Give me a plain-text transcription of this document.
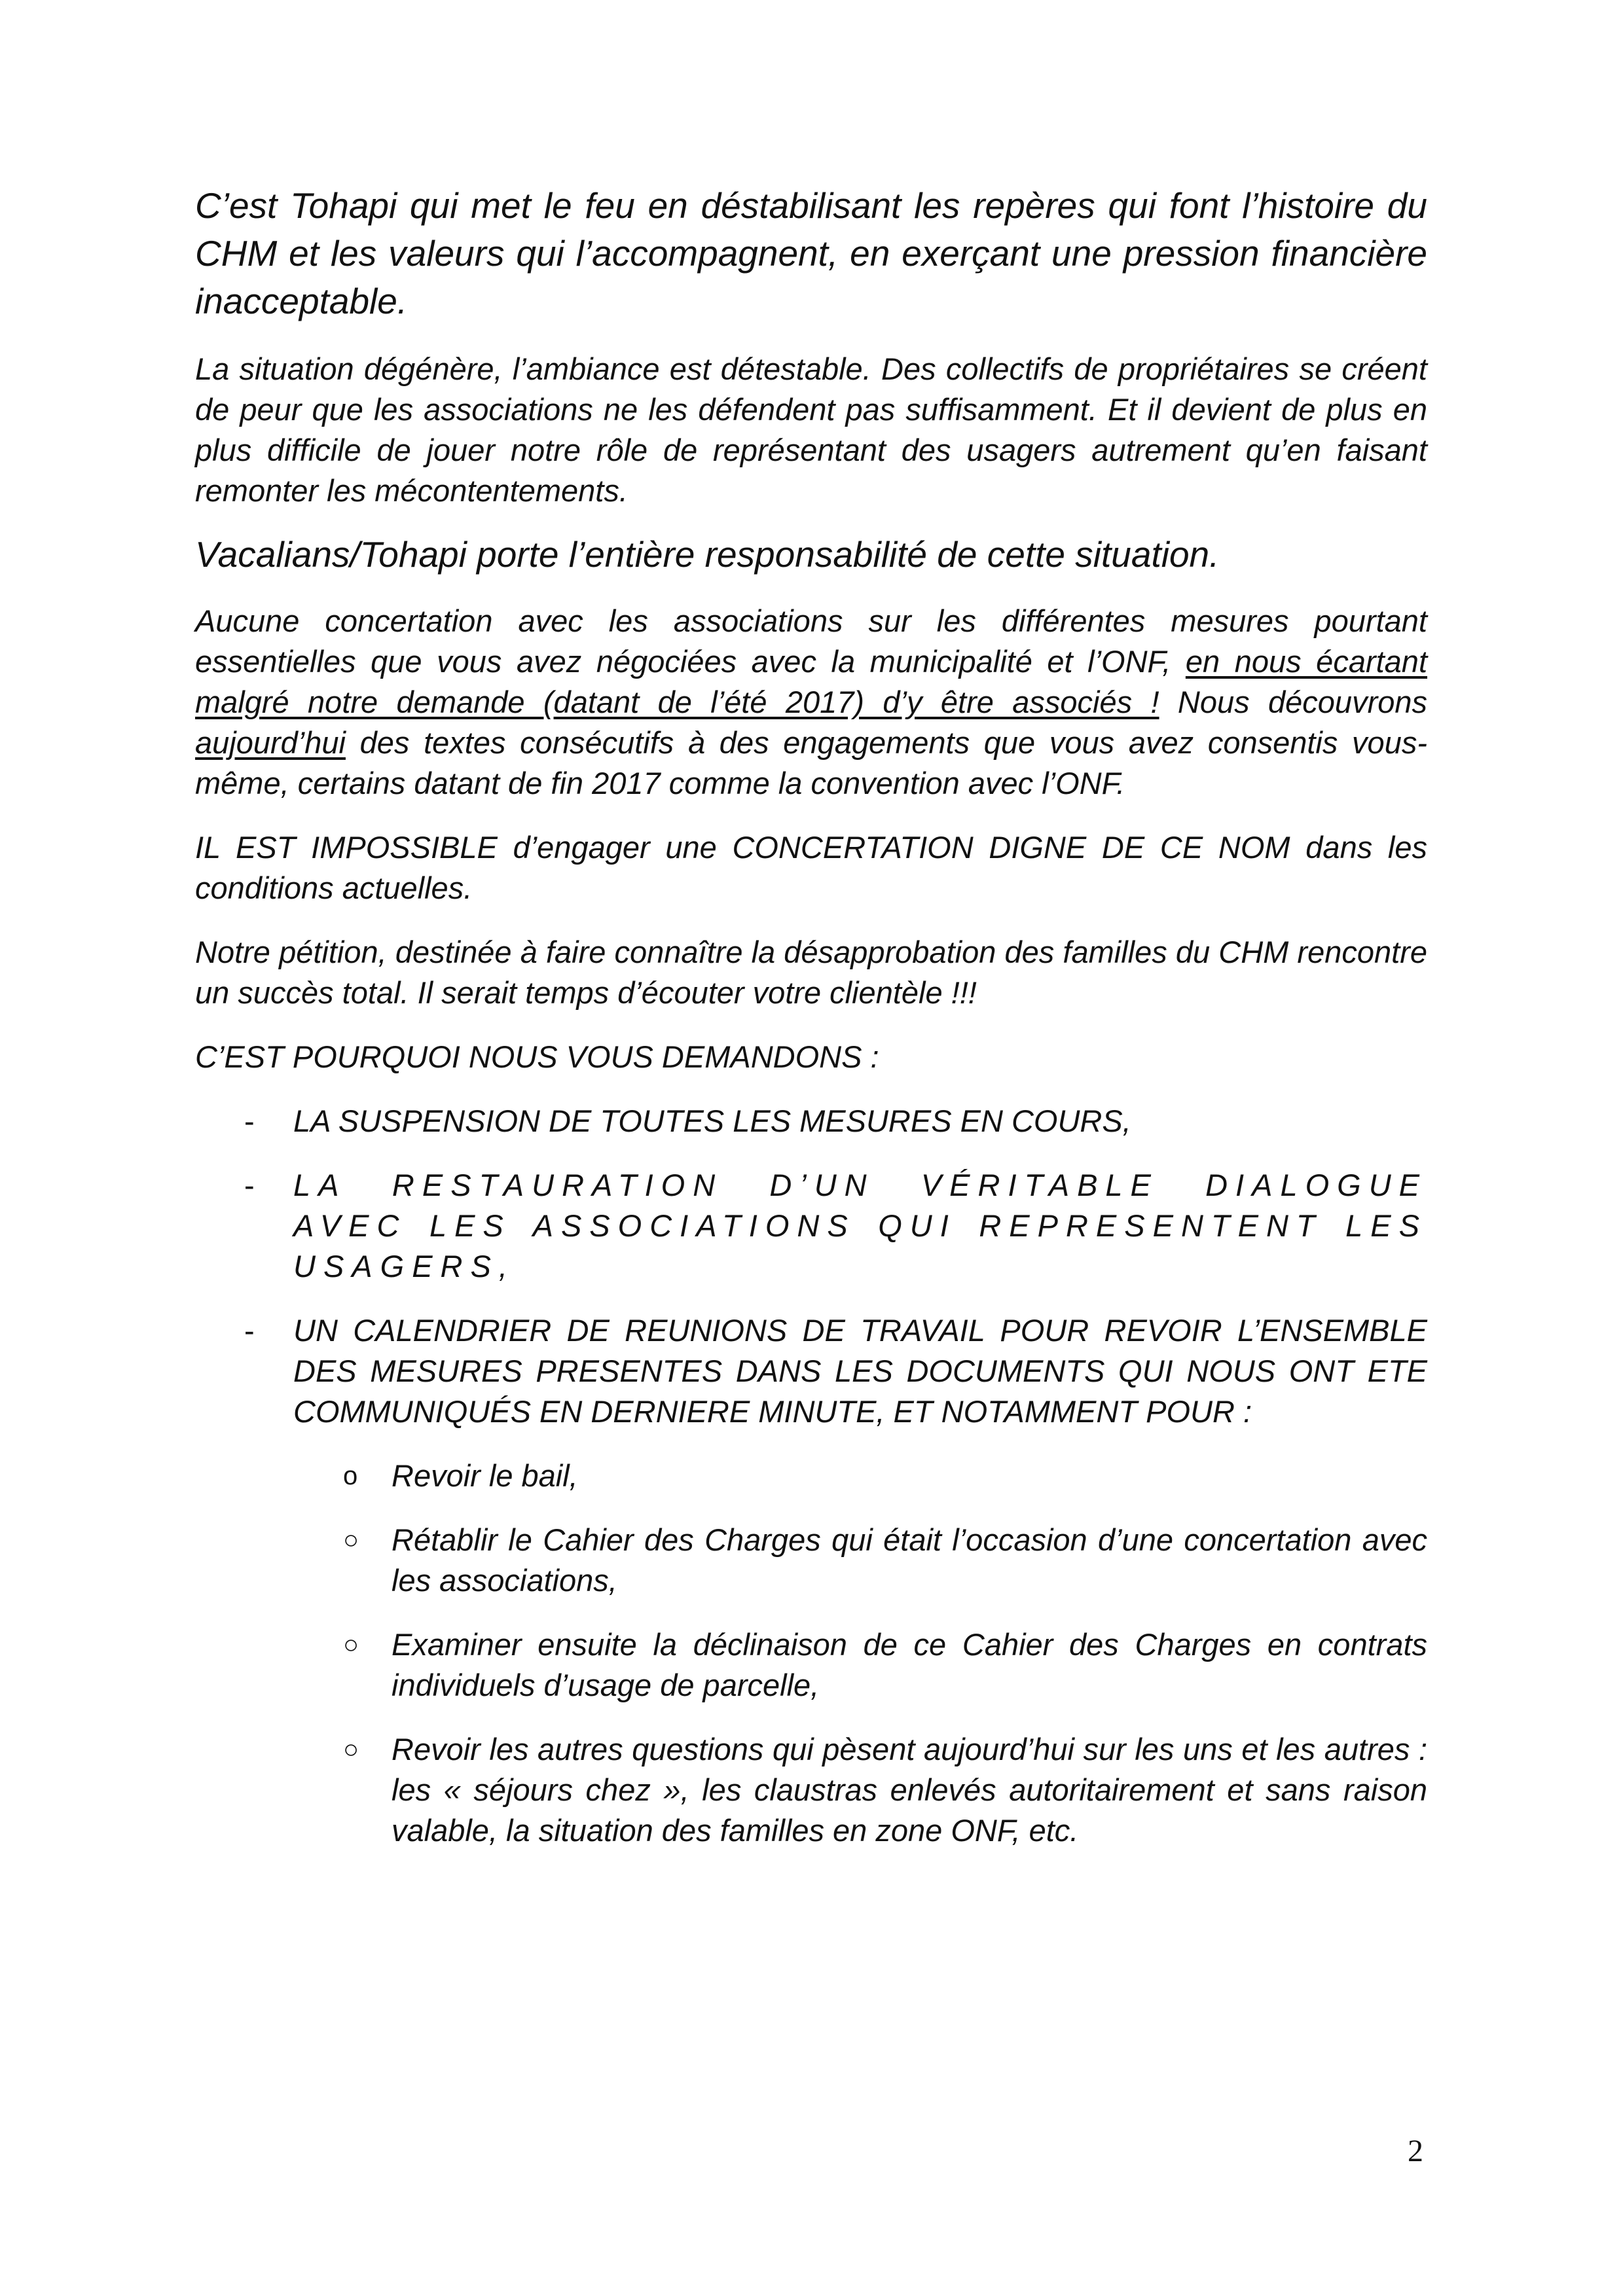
C’est Tohapi qui met le feu en déstabilisant les repères qui font l’histoire du CHM et les valeurs qui l’accompagnent, en exerçant une pression financière inacceptable.

La situation dégénère, l’ambiance est détestable. Des collectifs de propriétaires se créent de peur que les associations ne les défendent pas suffisamment. Et il devient de plus en plus difficile de jouer notre rôle de représentant des usagers autrement qu’en faisant remonter les mécontentements.

Vacalians/Tohapi porte l’entière responsabilité de cette situation.

Aucune concertation avec les associations sur les différentes mesures pourtant essentielles que vous avez négociées avec la municipalité et l’ONF, en nous écartant malgré notre demande (datant de l’été 2017) d’y être associés ! Nous découvrons aujourd’hui des textes consécutifs à des engagements que vous avez consentis vous-même, certains datant de fin 2017 comme la convention avec l’ONF.

IL EST IMPOSSIBLE d’engager une CONCERTATION DIGNE DE CE NOM dans les conditions actuelles.

Notre pétition, destinée à faire connaître la désapprobation des familles du CHM rencontre un succès total. Il serait temps d’écouter votre clientèle !!!

C’EST POURQUOI NOUS VOUS DEMANDONS :

- LA SUSPENSION DE TOUTES LES MESURES EN COURS,

- LA RESTAURATION D’UN VÉRITABLE DIALOGUE AVEC LES ASSOCIATIONS QUI REPRESENTENT LES USAGERS,

- UN CALENDRIER DE REUNIONS DE TRAVAIL POUR REVOIR L’ENSEMBLE DES MESURES PRESENTES DANS LES DOCUMENTS QUI NOUS ONT ETE COMMUNIQUÉS EN DERNIERE MINUTE, ET NOTAMMENT POUR :

o Revoir le bail,

○ Rétablir le Cahier des Charges qui était l’occasion d’une concertation avec les associations,

○ Examiner ensuite la déclinaison de ce Cahier des Charges en contrats individuels d’usage de parcelle,

○ Revoir les autres questions qui pèsent aujourd’hui sur les uns et les autres : les « séjours chez », les claustras enlevés autoritairement et sans raison valable, la situation des familles en zone ONF, etc.

2
